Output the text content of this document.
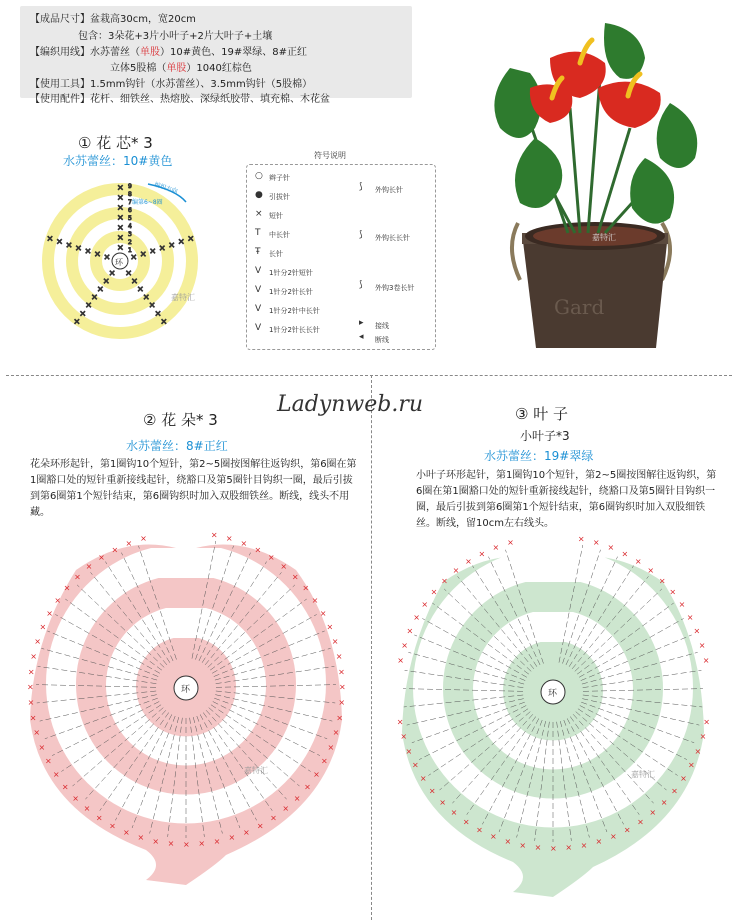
【成品尺寸】盆栽高30cm，宽20cm
包含：3朵花+3片小叶子+2片大叶子+土壤
【编织用线】水苏蕾丝（单股）10#黄色、19#翠绿、8#正红
立体5股棉（单股）1040红棕色
【使用工具】1.5mm钩针（水苏蕾丝）、3.5mm钩针（5股棉）
【使用配件】花杆、细铁丝、热熔胶、深绿纸胶带、填充棉、木花盆
Gard
嘉特汇
① 花 芯* 3
水苏蕾丝：10#黄色
×
×
×
×
×
×
×
× × × × × × ×
×
×
×
×
×
×
×
×
×
×
×
×
×
×
×
×
×
×
×
×
×
9
8
7
6
5
4
3
2
1
环
编织方向
编第6~8圈
嘉特汇
符号说明
○ 辫子针
● 引拔针
× 短针
T 中长针
Ŧ 长针
V 1针分2针短针
V 1针分2针长针
V 1针分2针中长针
V 1针分2针长长针
⟆ 外钩长针
⟆ 外钩长长针
⟆ 外钩3卷长针
▸ 接线
◂ 断线
Ladynweb.ru
② 花 朵* 3
水苏蕾丝：8#正红
花朵环形起针，第1圈钩10个短针，第2~5圈按图解往返钩织，第6圈在第1圈豁口处的短针重新接线起针，绕豁口及第5圈针目钩织一圈，最后引拔到第6圈第1个短针结束，第6圈钩织时加入双股细铁丝。断线，线头不用藏。
× ×
×
×
×
×
×
×
×
×
×
×
×
×
×
×
×
×
×
×
×
×
×
×
×
×
×
×
×
×
×
×
×
×
×
×
×
×
×
×
×
×
×
×
×
×
×
×
×
×
×
×
×
×
×
×
×
×
×
×
环
嘉特汇
③ 叶 子
小叶子*3
水苏蕾丝：19#翠绿
小叶子环形起针，第1圈钩10个短针，第2~5圈按图解往返钩织，第6圈在第1圈豁口处的短针重新接线起针，绕豁口及第5圈针目钩织一圈，最后引拔到第6圈第1个短针结束，第6圈钩织时加入双股细铁丝。断线，留10cm左右线头。
× ×
×
×
×
×
×
×
×
×
×
×
×
×
×
×
×
×
×
×
×
×
×
×
×
×
×
×
×
×
×
×
×
×
×
×
×
×
×
×
×
×
×
×
×
×
×
×
×
×
×
×
×
×
环
嘉特汇
